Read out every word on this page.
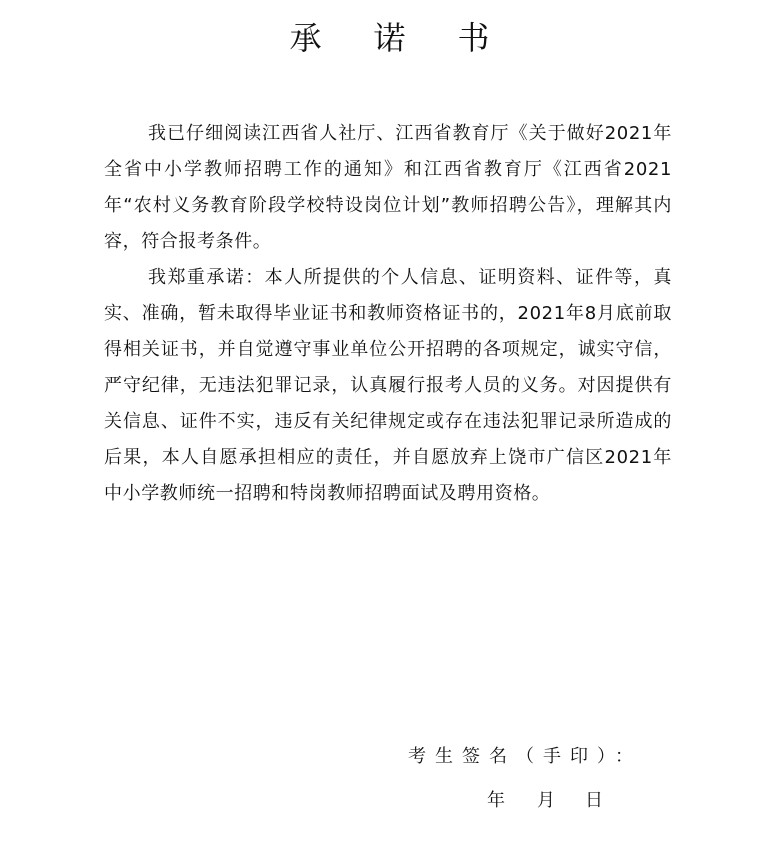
承诺书

我已仔细阅读江西省人社厅、江西省教育厅《关于做好2021年全省中小学教师招聘工作的通知》和江西省教育厅《江西省2021年“农村义务教育阶段学校特设岗位计划”教师招聘公告》，理解其内容，符合报考条件。

我郑重承诺：本人所提供的个人信息、证明资料、证件等，真实、准确，暂未取得毕业证书和教师资格证书的，2021年8月底前取得相关证书，并自觉遵守事业单位公开招聘的各项规定，诚实守信，严守纪律，无违法犯罪记录，认真履行报考人员的义务。对因提供有关信息、证件不实，违反有关纪律规定或存在违法犯罪记录所造成的后果，本人自愿承担相应的责任，并自愿放弃上饶市广信区2021年中小学教师统一招聘和特岗教师招聘面试及聘用资格。

考生签名（手印）：
年 月 日
